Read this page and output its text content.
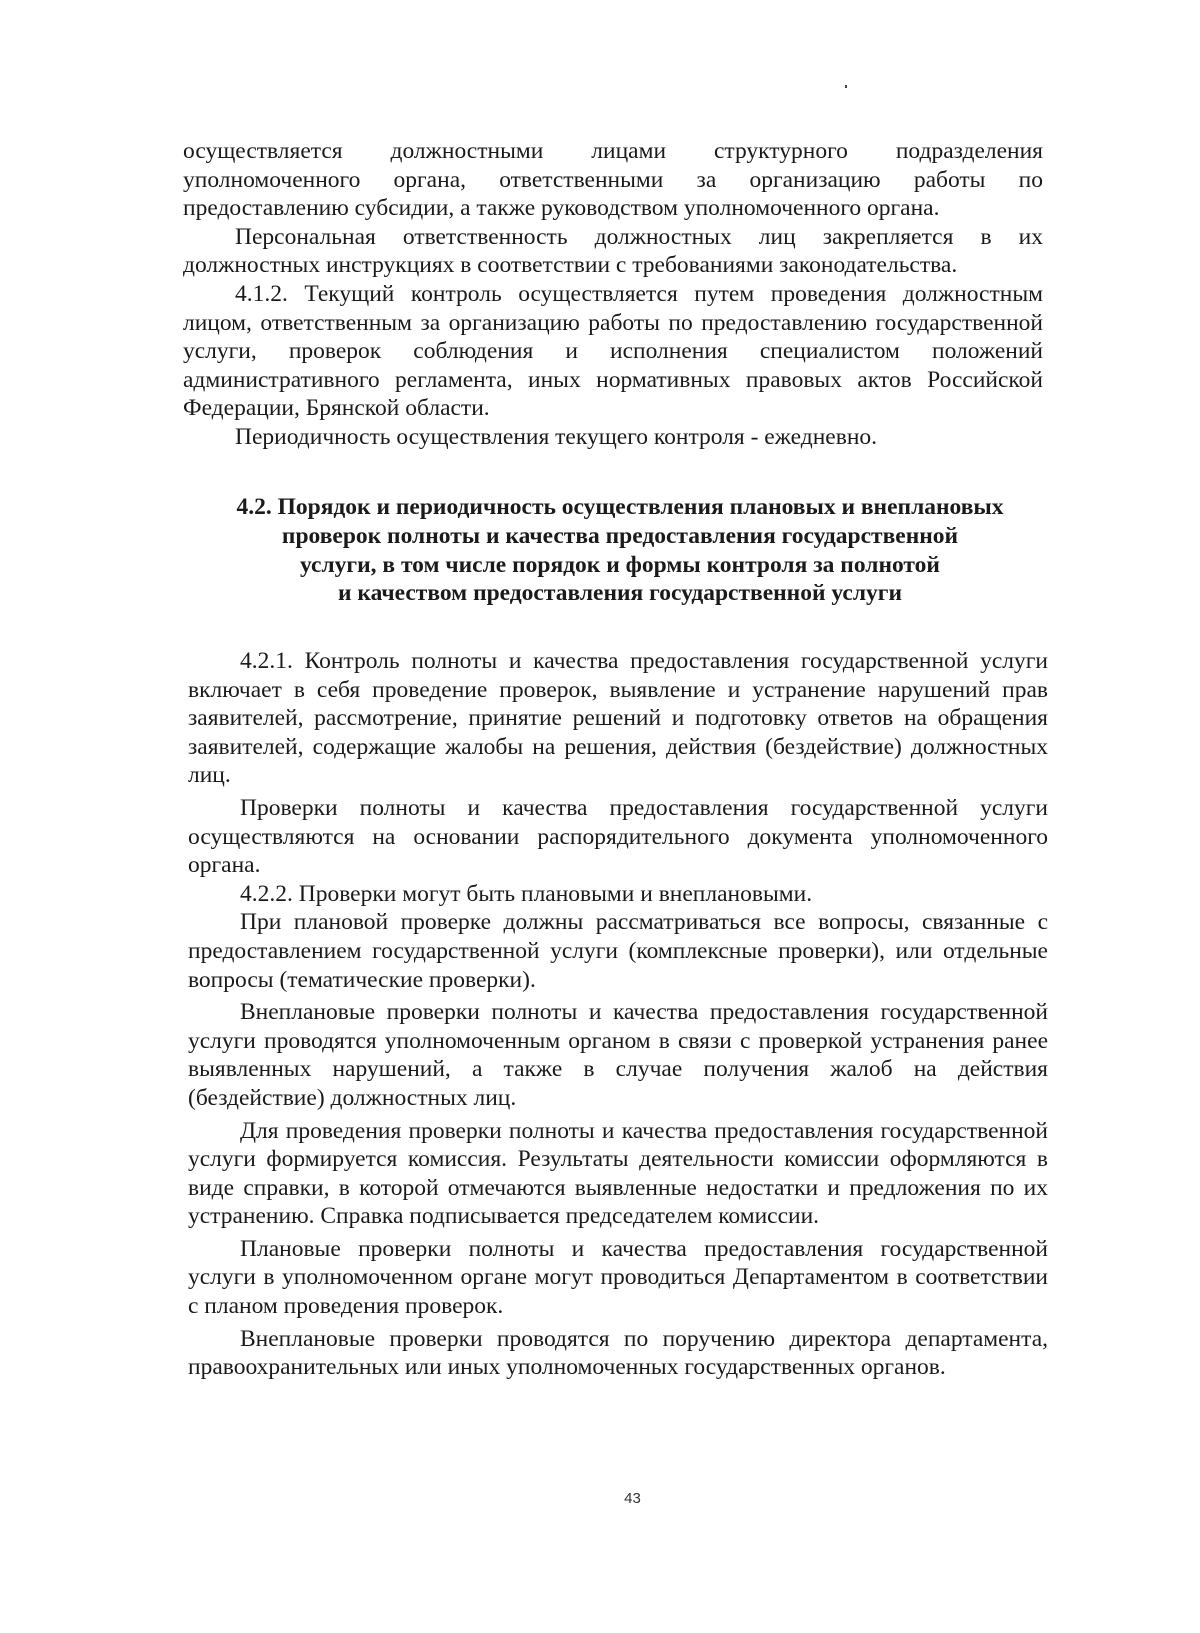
осуществляется должностными лицами структурного подразделения уполномоченного органа, ответственными за организацию работы по предоставлению субсидии, а также руководством уполномоченного органа.

Персональная ответственность должностных лиц закрепляется в их должностных инструкциях в соответствии с требованиями законодательства.

4.1.2. Текущий контроль осуществляется путем проведения должностным лицом, ответственным за организацию работы по предоставлению государственной услуги, проверок соблюдения и исполнения специалистом положений административного регламента, иных нормативных правовых актов Российской Федерации, Брянской области.

Периодичность осуществления текущего контроля - ежедневно.

4.2. Порядок и периодичность осуществления плановых и внеплановых
проверок полноты и качества предоставления государственной
услуги, в том числе порядок и формы контроля за полнотой
и качеством предоставления государственной услуги

4.2.1. Контроль полноты и качества предоставления государственной услуги включает в себя проведение проверок, выявление и устранение нарушений прав заявителей, рассмотрение, принятие решений и подготовку ответов на обращения заявителей, содержащие жалобы на решения, действия (бездействие) должностных лиц.

Проверки полноты и качества предоставления государственной услуги осуществляются на основании распорядительного документа уполномоченного органа.

4.2.2. Проверки могут быть плановыми и внеплановыми.

При плановой проверке должны рассматриваться все вопросы, связанные с предоставлением государственной услуги (комплексные проверки), или отдельные вопросы (тематические проверки).

Внеплановые проверки полноты и качества предоставления государственной услуги проводятся уполномоченным органом в связи с проверкой устранения ранее выявленных нарушений, а также в случае получения жалоб на действия (бездействие) должностных лиц.

Для проведения проверки полноты и качества предоставления государственной услуги формируется комиссия. Результаты деятельности комиссии оформляются в виде справки, в которой отмечаются выявленные недостатки и предложения по их устранению. Справка подписывается председателем комиссии.

Плановые проверки полноты и качества предоставления государственной услуги в уполномоченном органе могут проводиться Департаментом в соответствии с планом проведения проверок.

Внеплановые проверки проводятся по поручению директора департамента, правоохранительных или иных уполномоченных государственных органов.

43
